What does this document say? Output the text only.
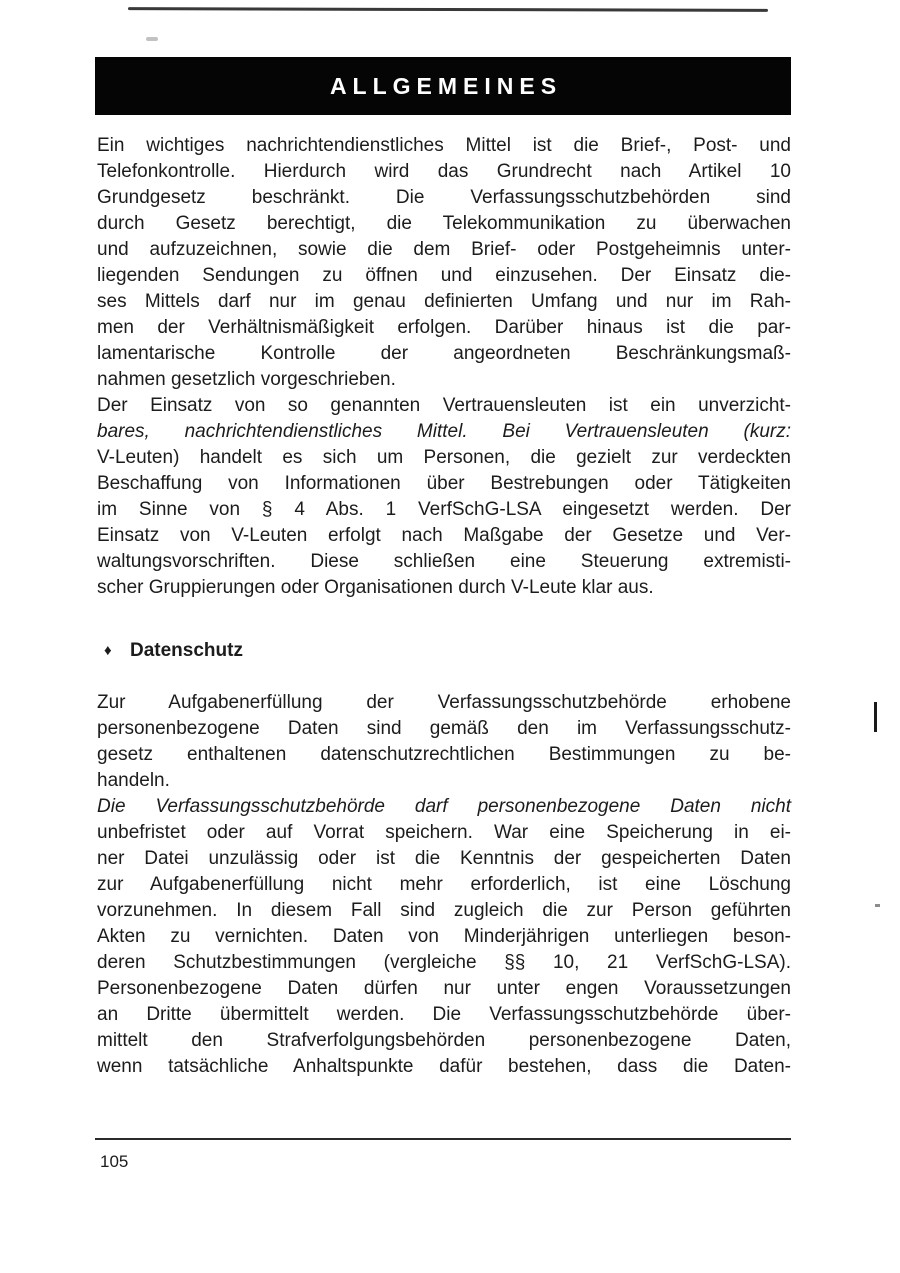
ALLGEMEINES
Ein wichtiges nachrichtendienstliches Mittel ist die Brief-, Post- und
Telefonkontrolle. Hierdurch wird das Grundrecht nach Artikel 10
Grundgesetz beschränkt. Die Verfassungsschutzbehörden sind
durch Gesetz berechtigt, die Telekommunikation zu überwachen
und aufzuzeichnen, sowie die dem Brief- oder Postgeheimnis unter-
liegenden Sendungen zu öffnen und einzusehen. Der Einsatz die-
ses Mittels darf nur im genau definierten Umfang und nur im Rah-
men der Verhältnismäßigkeit erfolgen. Darüber hinaus ist die par-
lamentarische Kontrolle der angeordneten Beschränkungsmaß-
nahmen gesetzlich vorgeschrieben.
Der Einsatz von so genannten Vertrauensleuten ist ein unverzicht-
bares, nachrichtendienstliches Mittel. Bei Vertrauensleuten (kurz:
V-Leuten) handelt es sich um Personen, die gezielt zur verdeckten
Beschaffung von Informationen über Bestrebungen oder Tätigkeiten
im Sinne von § 4 Abs. 1 VerfSchG-LSA eingesetzt werden. Der
Einsatz von V-Leuten erfolgt nach Maßgabe der Gesetze und Ver-
waltungsvorschriften. Diese schließen eine Steuerung extremisti-
scher Gruppierungen oder Organisationen durch V-Leute klar aus.
♦ Datenschutz
Zur Aufgabenerfüllung der Verfassungsschutzbehörde erhobene
personenbezogene Daten sind gemäß den im Verfassungsschutz-
gesetz enthaltenen datenschutzrechtlichen Bestimmungen zu be-
handeln.
Die Verfassungsschutzbehörde darf personenbezogene Daten nicht
unbefristet oder auf Vorrat speichern. War eine Speicherung in ei-
ner Datei unzulässig oder ist die Kenntnis der gespeicherten Daten
zur Aufgabenerfüllung nicht mehr erforderlich, ist eine Löschung
vorzunehmen. In diesem Fall sind zugleich die zur Person geführten
Akten zu vernichten. Daten von Minderjährigen unterliegen beson-
deren Schutzbestimmungen (vergleiche §§ 10, 21 VerfSchG-LSA).
Personenbezogene Daten dürfen nur unter engen Voraussetzungen
an Dritte übermittelt werden. Die Verfassungsschutzbehörde über-
mittelt den Strafverfolgungsbehörden personenbezogene Daten,
wenn tatsächliche Anhaltspunkte dafür bestehen, dass die Daten-
105
